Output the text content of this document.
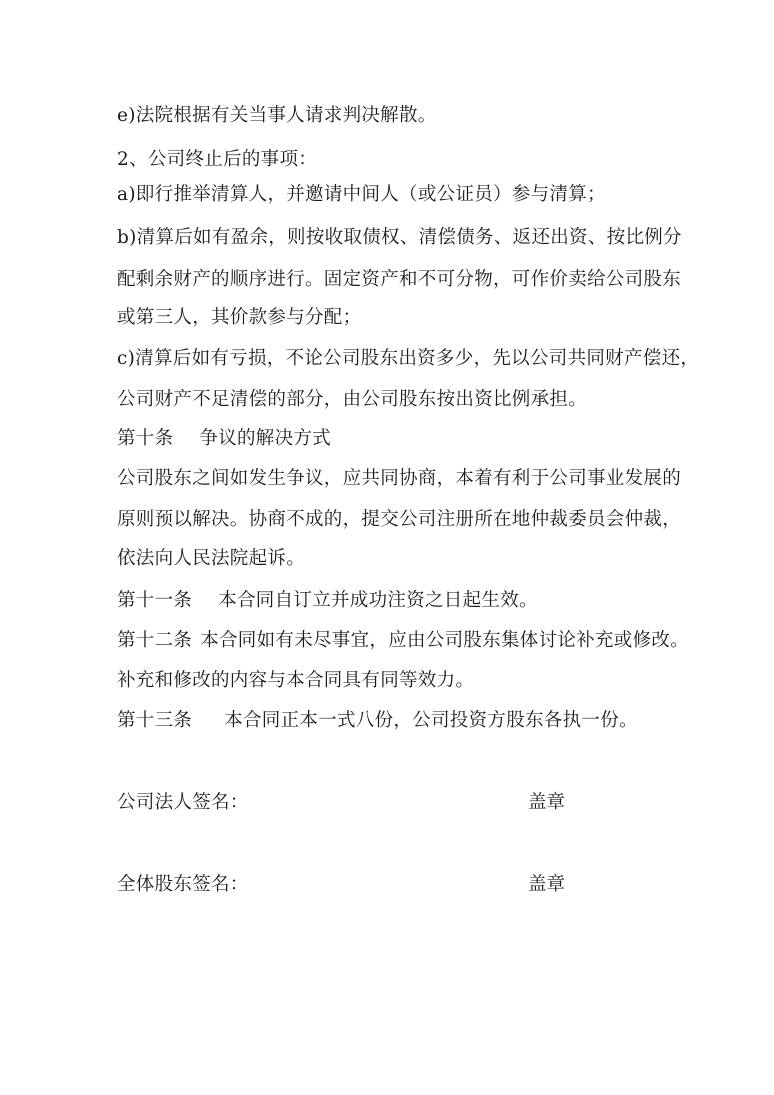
e)法院根据有关当事人请求判决解散。
2、公司终止后的事项：
a)即行推举清算人，并邀请中间人（或公证员）参与清算；
b)清算后如有盈余，则按收取债权、清偿债务、返还出资、按比例分
配剩余财产的顺序进行。固定资产和不可分物，可作价卖给公司股东
或第三人，其价款参与分配；
c)清算后如有亏损，不论公司股东出资多少，先以公司共同财产偿还，
公司财产不足清偿的部分，由公司股东按出资比例承担。
第十条 争议的解决方式
公司股东之间如发生争议，应共同协商，本着有利于公司事业发展的
原则预以解决。协商不成的，提交公司注册所在地仲裁委员会仲裁，
依法向人民法院起诉。
第十一条 本合同自订立并成功注资之日起生效。
第十二条 本合同如有未尽事宜，应由公司股东集体讨论补充或修改。
补充和修改的内容与本合同具有同等效力。
第十三条 本合同正本一式八份，公司投资方股东各执一份。
公司法人签名：	盖章
全体股东签名：	盖章
